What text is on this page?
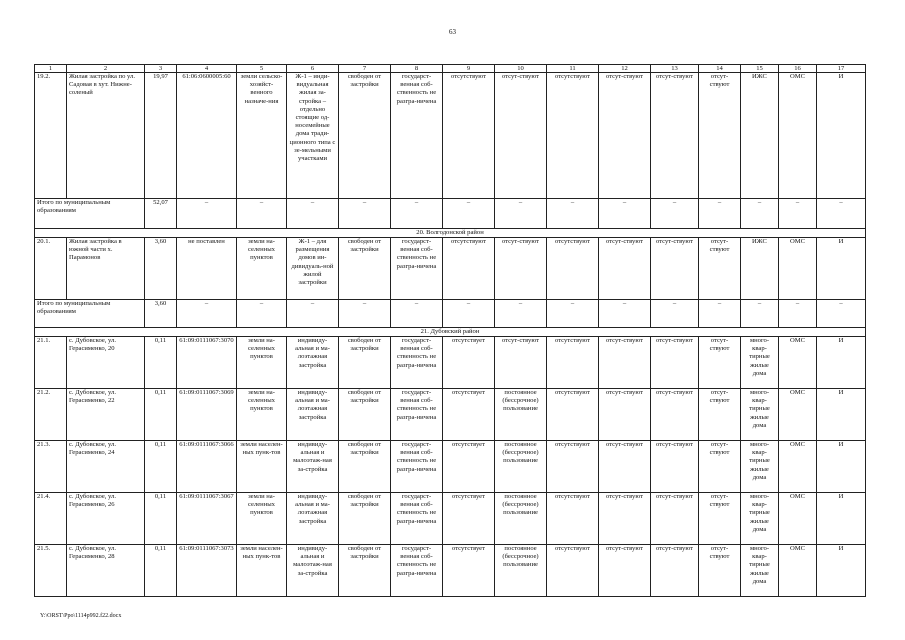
63
1	2	3	4	5	6	7	8	9	10	11	12	13	14	15	16	17
19.2.	Жилая застройка по ул. Садовая в хут. Нижне-соленый	19,97	61:06:0600005:60	земли сельско-хозяйст-венного назначе-ния	Ж-1 – инди-видуальная жилая за-стройка – отдельно стоящие од-носемейные дома тради-ционного типа с зе-мельными участками	свободен от застройки	государст-венная соб-ственность не разгра-ничена	отсутствуют	отсут-ствуют	отсутствуют	отсут-ствуют	отсут-ствуют	отсут-ствуют	ИЖС	ОМС	И
Итого по муниципальным образованиям		52,07	–	–	–	–	–	–	–	–	–	–	–	–	–	–
20. Волгодонской район																
20.1.	Жилая застройка в южной части х. Парамонов	3,60	не поставлен	земли на-селенных пунктов	Ж-1 – для размещения домов ин-дивидуаль-ной жилой застройки	свободен от застройки	государст-венная соб-ственность не разгра-ничена	отсутствуют	отсут-ствуют	отсутствуют	отсут-ствуют	отсут-ствуют	отсут-ствуют	ИЖС	ОМС	И
Итого по муниципальным образованиям		3,60	–	–	–	–	–	–	–	–	–	–	–	–	–	–
21. Дубовский район																
21.1.	с. Дубовское, ул. Герасименко, 20	0,11	61:09:0111067:3070	земли на-селенных пунктов	индивиду-альная и ма-лоэтажная застройка	свободен от застройки	государст-венная соб-ственность не разгра-ничена	отсутствует	отсут-ствуют	отсутствуют	отсут-ствуют	отсут-ствуют	отсут-ствуют	много-квар-тирные жилые дома	ОМС	И
21.2.	с. Дубовское, ул. Герасименко, 22	0,11	61:09:0111067:3069	земли на-селенных пунктов	индивиду-альная и ма-лоэтажная застройка	свободен от застройки	государст-венная соб-ственность не разгра-ничена	отсутствует	постоянное (бессрочное) пользование	отсутствуют	отсут-ствуют	отсут-ствуют	отсут-ствуют	много-квар-тирные жилые дома	ОМС	И
21.3.	с. Дубовское, ул. Герасименко, 24	0,11	61:09:0111067:3066	земли населен-ных пунк-тов	индивиду-альная и малоэтаж-ная за-стройка	свободен от застройки	государст-венная соб-ственность не разгра-ничена	отсутствует	постоянное (бессрочное) пользование	отсутствуют	отсут-ствуют	отсут-ствуют	отсут-ствуют	много-квар-тирные жилые дома	ОМС	И
21.4.	с. Дубовское, ул. Герасименко, 26	0,11	61:09:0111067:3067	земли на-селенных пунктов	индивиду-альная и ма-лоэтажная застройка	свободен от застройки	государст-венная соб-ственность не разгра-ничена	отсутствует	постоянное (бессрочное) пользование	отсутствуют	отсут-ствуют	отсут-ствуют	отсут-ствуют	много-квар-тирные жилые дома	ОМС	И
21.5.	с. Дубовское, ул. Герасименко, 28	0,11	61:09:0111067:3073	земли населен-ных пунк-тов	индивиду-альная и малоэтаж-ная за-стройка	свободен от застройки	государст-венная соб-ственность не разгра-ничена	отсутствует	постоянное (бессрочное) пользование	отсутствуют	отсут-ствуют	отсут-ствуют	отсут-ствуют	много-квар-тирные жилые дома	ОМС	И
Y:\ORST\Ppo\1114p992.f22.docx
